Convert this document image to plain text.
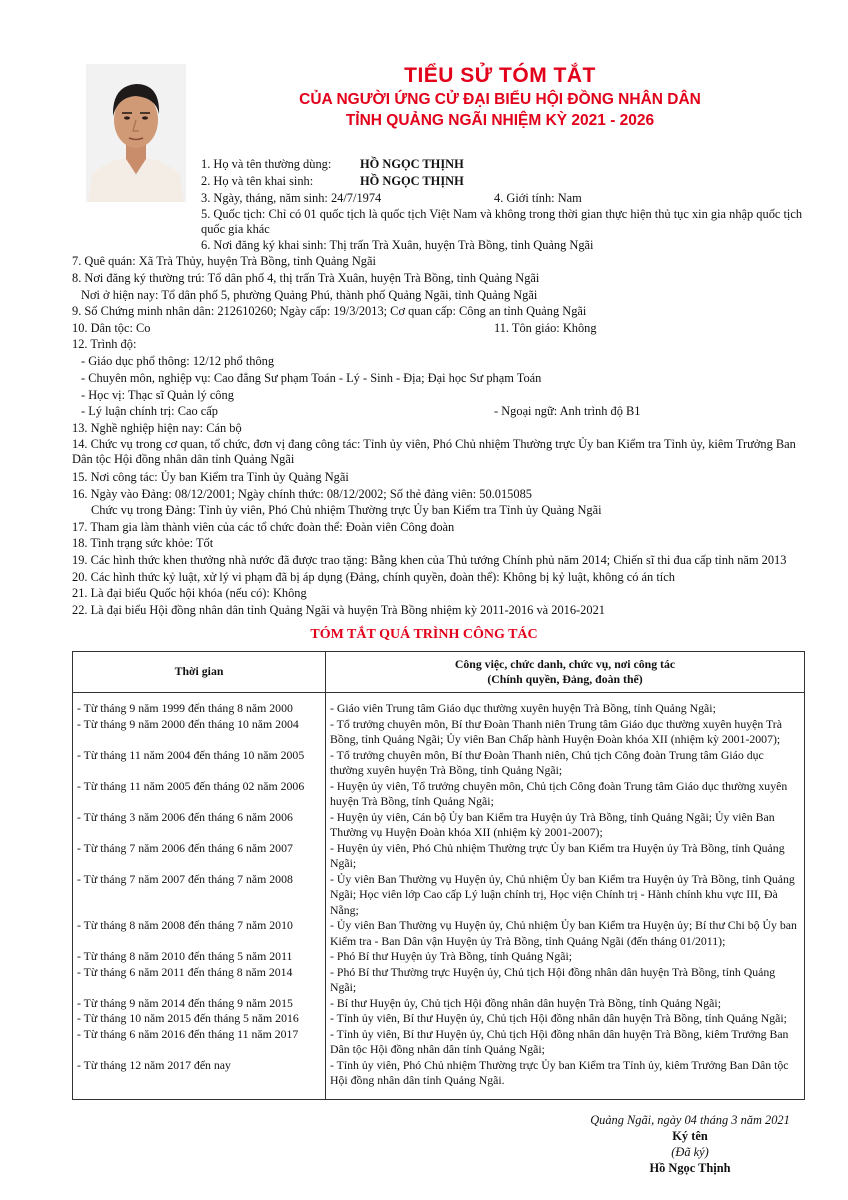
TIỂU SỬ TÓM TẮT
CỦA NGƯỜI ỨNG CỬ ĐẠI BIỂU HỘI ĐỒNG NHÂN DÂN
TỈNH QUẢNG NGÃI NHIỆM KỲ 2021 - 2026
1. Họ và tên thường dùng: HỒ NGỌC THỊNH
2. Họ và tên khai sinh:	HỒ NGỌC THỊNH
3. Ngày, tháng, năm sinh: 24/7/1974	4. Giới tính: Nam
5. Quốc tịch: Chỉ có 01 quốc tịch là quốc tịch Việt Nam và không trong thời gian thực hiện thủ tục xin gia nhập quốc tịch quốc gia khác
6. Nơi đăng ký khai sinh: Thị trấn Trà Xuân, huyện Trà Bồng, tỉnh Quảng Ngãi
7. Quê quán: Xã Trà Thủy, huyện Trà Bồng, tỉnh Quảng Ngãi
8. Nơi đăng ký thường trú: Tổ dân phố 4, thị trấn Trà Xuân, huyện Trà Bồng, tỉnh Quảng Ngãi
Nơi ở hiện nay: Tổ dân phố 5, phường Quảng Phú, thành phố Quảng Ngãi, tỉnh Quảng Ngãi
9. Số Chứng minh nhân dân: 212610260; Ngày cấp: 19/3/2013; Cơ quan cấp: Công an tỉnh Quảng Ngãi
10. Dân tộc: Co	11. Tôn giáo: Không
12. Trình độ:
- Giáo dục phổ thông: 12/12 phổ thông
- Chuyên môn, nghiệp vụ: Cao đẳng Sư phạm Toán - Lý - Sinh - Địa; Đại học Sư phạm Toán
- Học vị: Thạc sĩ Quản lý công
- Lý luận chính trị: Cao cấp	- Ngoại ngữ: Anh trình độ B1
13. Nghề nghiệp hiện nay: Cán bộ
14. Chức vụ trong cơ quan, tổ chức, đơn vị đang công tác: Tỉnh ủy viên, Phó Chủ nhiệm Thường trực Ủy ban Kiểm tra Tỉnh ủy, kiêm Trưởng Ban Dân tộc Hội đồng nhân dân tỉnh Quảng Ngãi
15. Nơi công tác: Ủy ban Kiểm tra Tỉnh ủy Quảng Ngãi
16. Ngày vào Đảng: 08/12/2001; Ngày chính thức: 08/12/2002; Số thẻ đảng viên: 50.015085
Chức vụ trong Đảng: Tỉnh ủy viên, Phó Chủ nhiệm Thường trực Ủy ban Kiểm tra Tỉnh ủy Quảng Ngãi
17. Tham gia làm thành viên của các tổ chức đoàn thể: Đoàn viên Công đoàn
18. Tình trạng sức khỏe: Tốt
19. Các hình thức khen thưởng nhà nước đã được trao tặng: Bằng khen của Thủ tướng Chính phủ năm 2014; Chiến sĩ thi đua cấp tỉnh năm 2013
20. Các hình thức kỷ luật, xử lý vi phạm đã bị áp dụng (Đảng, chính quyền, đoàn thể): Không bị kỷ luật, không có án tích
21. Là đại biểu Quốc hội khóa (nếu có): Không
22. Là đại biểu Hội đồng nhân dân tỉnh Quảng Ngãi và huyện Trà Bồng nhiệm kỳ 2011-2016 và 2016-2021
TÓM TẮT QUÁ TRÌNH CÔNG TÁC
Thời gian	Công việc, chức danh, chức vụ, nơi công tác
(Chính quyền, Đảng, đoàn thể)

- Từ tháng 9 năm 1999 đến tháng 8 năm 2000	- Giáo viên Trung tâm Giáo dục thường xuyên huyện Trà Bồng, tỉnh Quảng Ngãi;
- Từ tháng 9 năm 2000 đến tháng 10 năm 2004	- Tổ trưởng chuyên môn, Bí thư Đoàn Thanh niên Trung tâm Giáo dục thường xuyên huyện Trà Bồng, tỉnh Quảng Ngãi; Ủy viên Ban Chấp hành Huyện Đoàn khóa XII (nhiệm kỳ 2001-2007);
- Từ tháng 11 năm 2004 đến tháng 10 năm 2005	- Tổ trưởng chuyên môn, Bí thư Đoàn Thanh niên, Chủ tịch Công đoàn Trung tâm Giáo dục thường xuyên huyện Trà Bồng, tỉnh Quảng Ngãi;
- Từ tháng 11 năm 2005 đến tháng 02 năm 2006	- Huyện ủy viên, Tổ trưởng chuyên môn, Chủ tịch Công đoàn Trung tâm Giáo dục thường xuyên huyện Trà Bồng, tỉnh Quảng Ngãi;
- Từ tháng 3 năm 2006 đến tháng 6 năm 2006	- Huyện ủy viên, Cán bộ Ủy ban Kiểm tra Huyện ủy Trà Bồng, tỉnh Quảng Ngãi; Ủy viên Ban Thường vụ Huyện Đoàn khóa XII (nhiệm kỳ 2001-2007);
- Từ tháng 7 năm 2006 đến tháng 6 năm 2007	- Huyện ủy viên, Phó Chủ nhiệm Thường trực Ủy ban Kiểm tra Huyện ủy Trà Bồng, tỉnh Quảng Ngãi;
- Từ tháng 7 năm 2007 đến tháng 7 năm 2008	- Ủy viên Ban Thường vụ Huyện ủy, Chủ nhiệm Ủy ban Kiểm tra Huyện ủy Trà Bồng, tỉnh Quảng Ngãi; Học viên lớp Cao cấp Lý luận chính trị, Học viện Chính trị - Hành chính khu vực III, Đà Nẵng;
- Từ tháng 8 năm 2008 đến tháng 7 năm 2010	- Ủy viên Ban Thường vụ Huyện ủy, Chủ nhiệm Ủy ban Kiểm tra Huyện ủy; Bí thư Chi bộ Ủy ban Kiểm tra - Ban Dân vận Huyện ủy Trà Bồng, tỉnh Quảng Ngãi (đến tháng 01/2011);
- Từ tháng 8 năm 2010 đến tháng 5 năm 2011	- Phó Bí thư Huyện ủy Trà Bồng, tỉnh Quảng Ngãi;
- Từ tháng 6 năm 2011 đến tháng 8 năm 2014	- Phó Bí thư Thường trực Huyện ủy, Chủ tịch Hội đồng nhân dân huyện Trà Bồng, tỉnh Quảng Ngãi;
- Từ tháng 9 năm 2014 đến tháng 9 năm 2015	- Bí thư Huyện ủy, Chủ tịch Hội đồng nhân dân huyện Trà Bồng, tỉnh Quảng Ngãi;
- Từ tháng 10 năm 2015 đến tháng 5 năm 2016	- Tỉnh ủy viên, Bí thư Huyện ủy, Chủ tịch Hội đồng nhân dân huyện Trà Bồng, tỉnh Quảng Ngãi;
- Từ tháng 6 năm 2016 đến tháng 11 năm 2017	- Tỉnh ủy viên, Bí thư Huyện ủy, Chủ tịch Hội đồng nhân dân huyện Trà Bồng, kiêm Trưởng Ban Dân tộc Hội đồng nhân dân tỉnh Quảng Ngãi;
- Từ tháng 12 năm 2017 đến nay	- Tỉnh ủy viên, Phó Chủ nhiệm Thường trực Ủy ban Kiểm tra Tỉnh ủy, kiêm Trưởng Ban Dân tộc Hội đồng nhân dân tỉnh Quảng Ngãi.
Quảng Ngãi, ngày 04 tháng 3 năm 2021
Ký tên
(Đã ký)
Hồ Ngọc Thịnh
